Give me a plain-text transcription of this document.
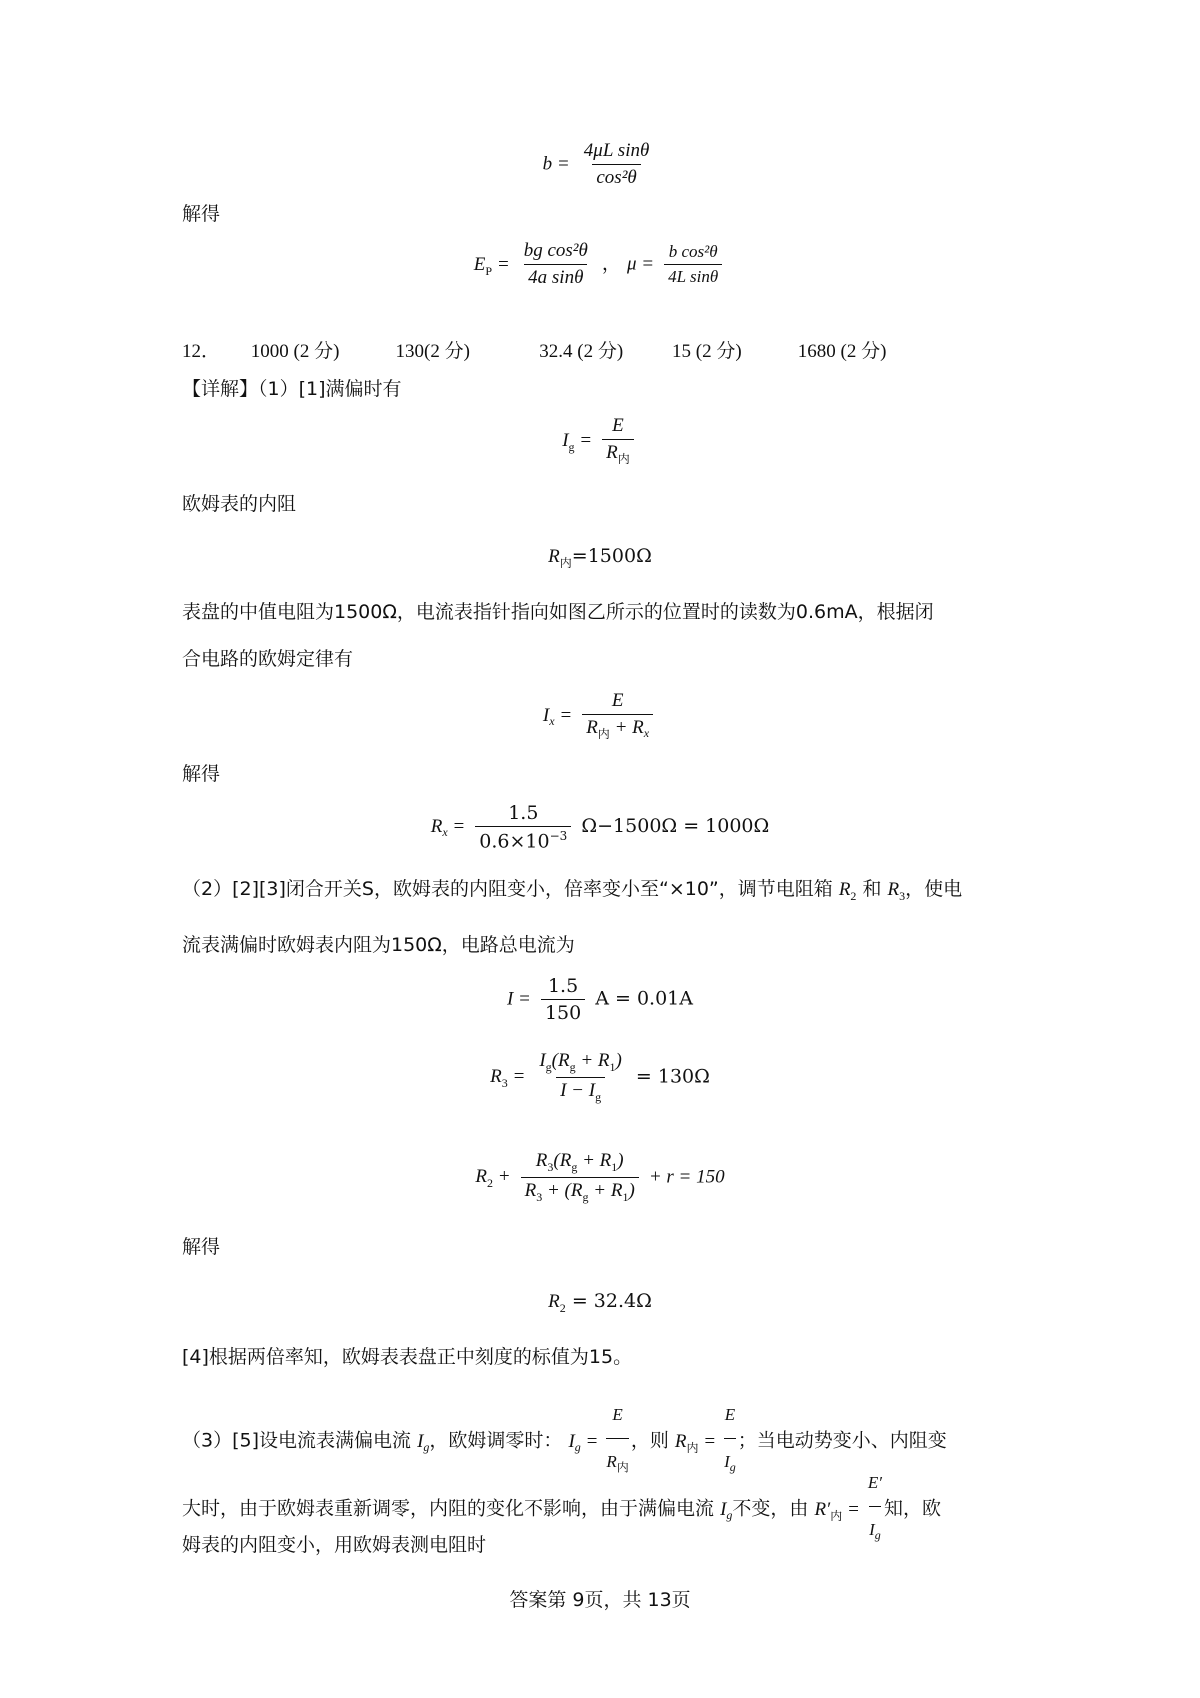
$b = \frac{\text{4μL sinθ}}{\text{cos²θ}}$
解得
$E_P = \frac{\text{bg cos²θ}}{\text{4a sinθ}}$ ， $\mu = \frac{\text{b cos²θ}}{\text{4L sinθ}}$
12． 1000 (2 分)	130(2 分)	32.4 (2 分)	15 (2 分)	1680 (2 分)
【详解】（1）[1]满偏时有
$I_g = \frac{E}{R_内}$
欧姆表的内阻
$R_内=1500\Omega$
表盘的中值电阻为1500Ω，电流表指针指向如图乙所示的位置时的读数为0.6mA，根据闭
合电路的欧姆定律有
$I_x = \frac{E}{R_内 + R_x}$
解得
$R_x = \frac{1.5}{0.6\times 10^{-3}} \Omega-1500\Omega = 1000\Omega$
（2）[2][3]闭合开关S，欧姆表的内阻变小，倍率变小至“×10”，调节电阻箱 $R_2$ 和 $R_3$，使电
流表满偏时欧姆表内阻为150Ω，电路总电流为
$I = \frac{1.5}{150}$ A = 0.01A
$R_3 = \frac{I_g(R_g + R_1)}{I - I_g} = 130\Omega$
$R_2 + \frac{R_3(R_g + R_1)}{R_3 + (R_g + R_1)} + r = 150$
解得
$R_2 = 32.4\Omega$
[4]根据两倍率知，欧姆表表盘正中刻度的标值为15。
（3）[5]设电流表满偏电流 $I_g$，欧姆调零时： $I_g$ =
E
$R_内$
，则 $R_内 = \frac{E}{I_g}$ ；当电动势变小、内阻变
大时，由于欧姆表重新调零，内阻的变化不影响，由于满偏电流 $I_g$不变，由 $R'_内 = \frac{E'}{I_g}$ 知，欧
姆表的内阻变小，用欧姆表测电阻时
答案第 9页，共 13页
